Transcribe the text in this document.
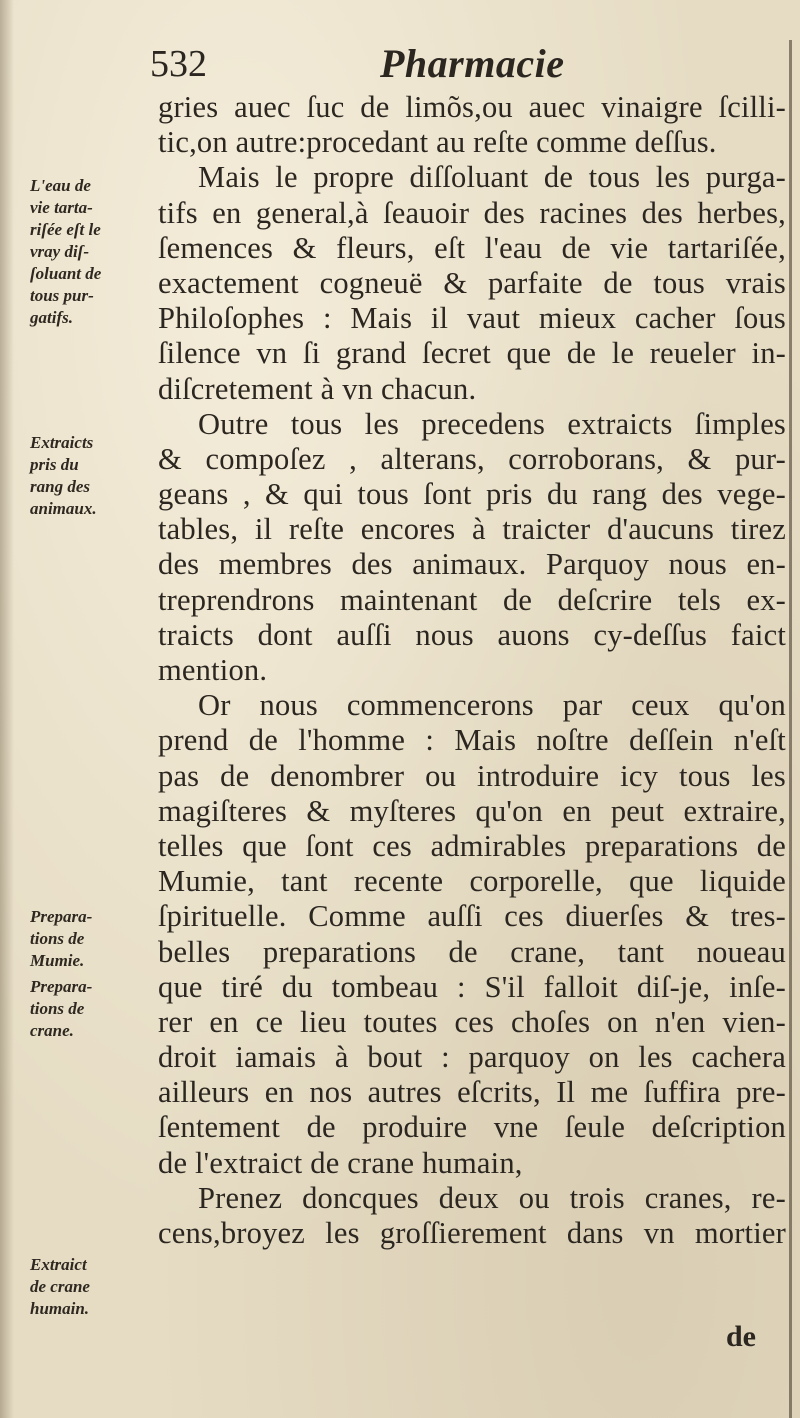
532	Pharmacie
gries auec ſuc de limõs,ou auec vinaigre ſcilli-
tic,on autre:procedant au reſte comme deſſus.
Mais le propre diſſoluant de tous les purga-
tifs en general,à ſeauoir des racines des herbes,
ſemences & fleurs, eſt l'eau de vie tartariſée,
exactement cogneuë & parfaite de tous vrais
Philoſophes : Mais il vaut mieux cacher ſous
ſilence vn ſi grand ſecret que de le reueler in-
diſcretement à vn chacun.
Outre tous les precedens extraicts ſimples
& compoſez , alterans, corroborans, & pur-
geans , & qui tous ſont pris du rang des vege-
tables, il reſte encores à traicter d'aucuns tirez
des membres des animaux. Parquoy nous en-
treprendrons maintenant de deſcrire tels ex-
traicts dont auſſi nous auons cy-deſſus faict
mention.
Or nous commencerons par ceux qu'on
prend de l'homme : Mais noſtre deſſein n'eſt
pas de denombrer ou introduire icy tous les
magiſteres & myſteres qu'on en peut extraire,
telles que ſont ces admirables preparations de
Mumie, tant recente corporelle, que liquide
ſpirituelle. Comme auſſi ces diuerſes & tres-
belles preparations de crane, tant noueau
que tiré du tombeau : S'il falloit diſ-je, inſe-
rer en ce lieu toutes ces choſes on n'en vien-
droit iamais à bout : parquoy on les cachera
ailleurs en nos autres eſcrits, Il me ſuffira pre-
ſentement de produire vne ſeule deſcription
de l'extraict de crane humain,
Prenez doncques deux ou trois cranes, re-
cens,broyez les groſſierement dans vn mortier
L'eau de
vie tarta-
riſée eſt le
vray diſ-
ſoluant de
tous pur-
gatifs.
Extraicts
pris du
rang des
animaux.
Prepara-
tions de
Mumie.
Prepara-
tions de
crane.
Extraict
de crane
humain.
de
